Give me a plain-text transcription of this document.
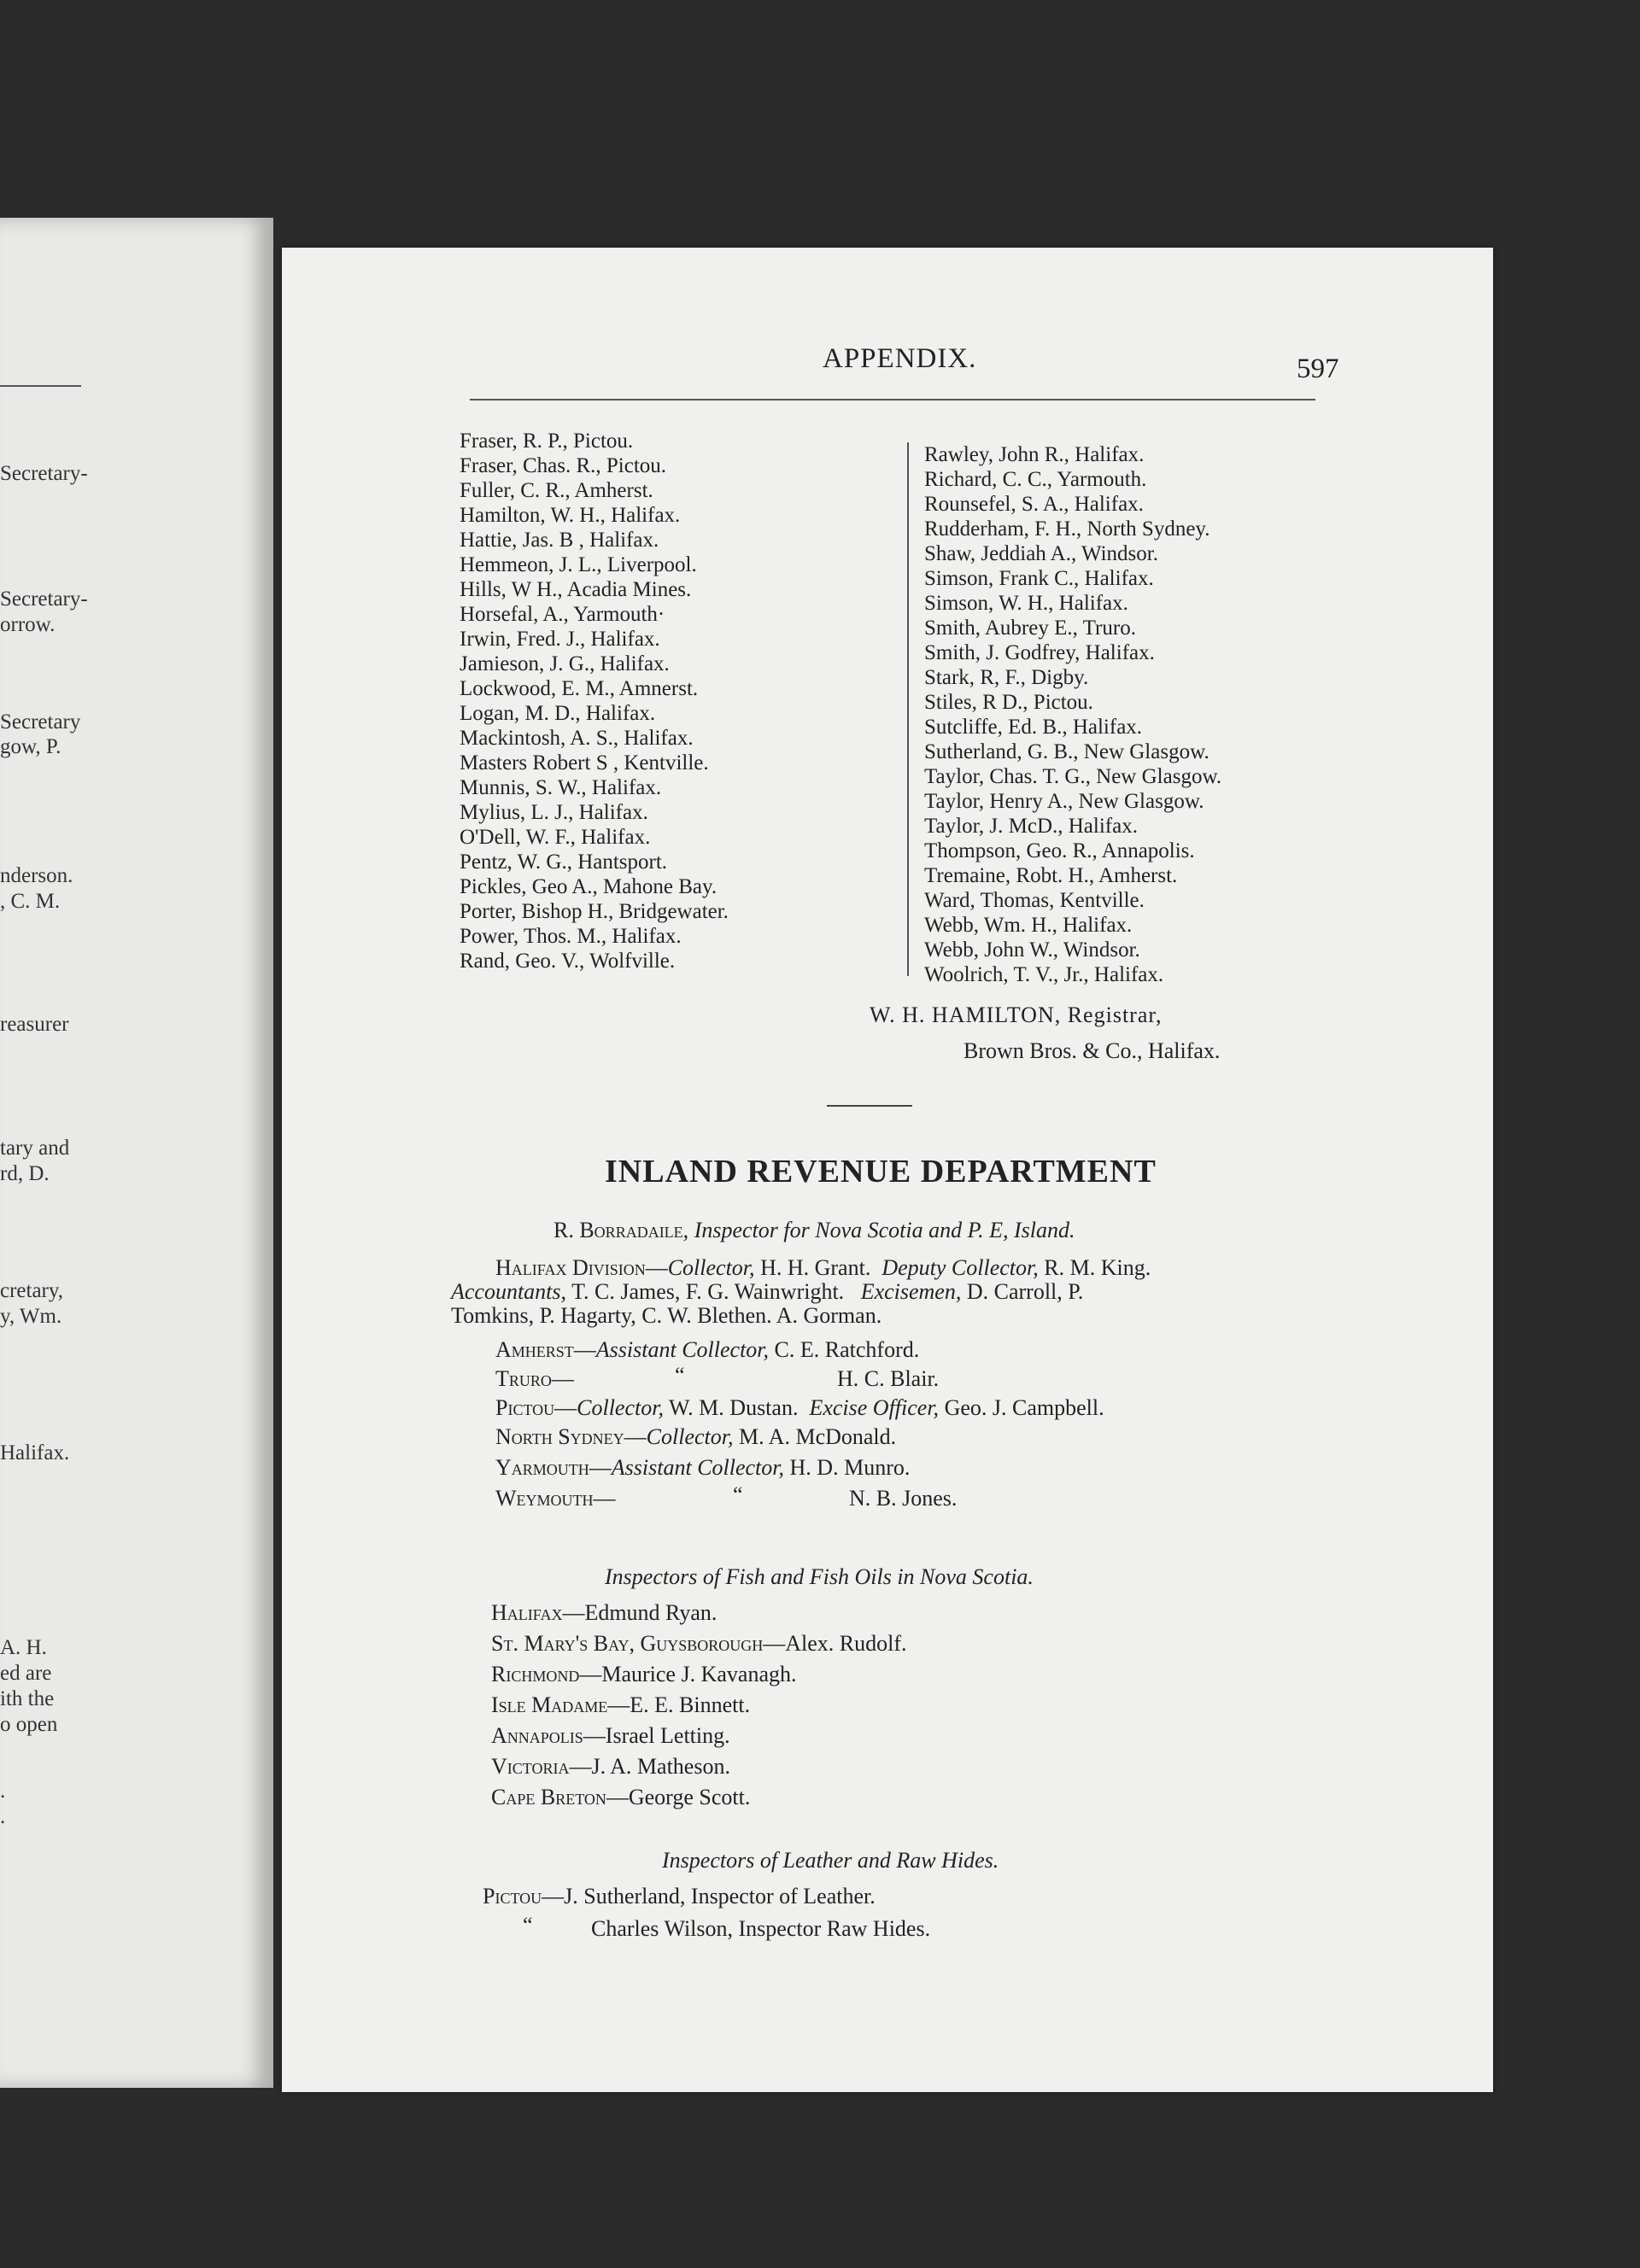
Secretary-
Secretary-
orrow.
Secretary
gow, P.
nderson.
, C. M.
reasurer
tary and
rd, D.
cretary,
y, Wm.
Halifax.
A. H.
ed are
ith the
o open
.
.
APPENDIX.	597
Fraser, R. P., Pictou.
Fraser, Chas. R., Pictou.
Fuller, C. R., Amherst.
Hamilton, W. H., Halifax.
Hattie, Jas. B , Halifax.
Hemmeon, J. L., Liverpool.
Hills, W H., Acadia Mines.
Horsefal, A., Yarmouth·
Irwin, Fred. J., Halifax.
Jamieson, J. G., Halifax.
Lockwood, E. M., Amnerst.
Logan, M. D., Halifax.
Mackintosh, A. S., Halifax.
Masters Robert S , Kentville.
Munnis, S. W., Halifax.
Mylius, L. J., Halifax.
O'Dell, W. F., Halifax.
Pentz, W. G., Hantsport.
Pickles, Geo A., Mahone Bay.
Porter, Bishop H., Bridgewater.
Power, Thos. M., Halifax.
Rand, Geo. V., Wolfville.
Rawley, John R., Halifax.
Richard, C. C., Yarmouth.
Rounsefel, S. A., Halifax.
Rudderham, F. H., North Sydney.
Shaw, Jeddiah A., Windsor.
Simson, Frank C., Halifax.
Simson, W. H., Halifax.
Smith, Aubrey E., Truro.
Smith, J. Godfrey, Halifax.
Stark, R, F., Digby.
Stiles, R D., Pictou.
Sutcliffe, Ed. B., Halifax.
Sutherland, G. B., New Glasgow.
Taylor, Chas. T. G., New Glasgow.
Taylor, Henry A., New Glasgow.
Taylor, J. McD., Halifax.
Thompson, Geo. R., Annapolis.
Tremaine, Robt. H., Amherst.
Ward, Thomas, Kentville.
Webb, Wm. H., Halifax.
Webb, John W., Windsor.
Woolrich, T. V., Jr., Halifax.
W. H. HAMILTON, Registrar,
Brown Bros. & Co., Halifax.
INLAND REVENUE DEPARTMENT
R. Borradaile, Inspector for Nova Scotia and P. E, Island.
Halifax Division—Collector, H. H. Grant. Deputy Collector, R. M. King.
Accountants, T. C. James, F. G. Wainwright. Excisemen, D. Carroll, P.
Tomkins, P. Hagarty, C. W. Blethen. A. Gorman.
Amherst—Assistant Collector, C. E. Ratchford.
Truro—	“	H. C. Blair.
Pictou—Collector, W. M. Dustan. Excise Officer, Geo. J. Campbell.
North Sydney—Collector, M. A. McDonald.
Yarmouth—Assistant Collector, H. D. Munro.
Weymouth—	“	N. B. Jones.
Inspectors of Fish and Fish Oils in Nova Scotia.
Halifax—Edmund Ryan.
St. Mary's Bay, Guysborough—Alex. Rudolf.
Richmond—Maurice J. Kavanagh.
Isle Madame—E. E. Binnett.
Annapolis—Israel Letting.
Victoria—J. A. Matheson.
Cape Breton—George Scott.
Inspectors of Leather and Raw Hides.
Pictou—J. Sutherland, Inspector of Leather.
“	Charles Wilson, Inspector Raw Hides.
